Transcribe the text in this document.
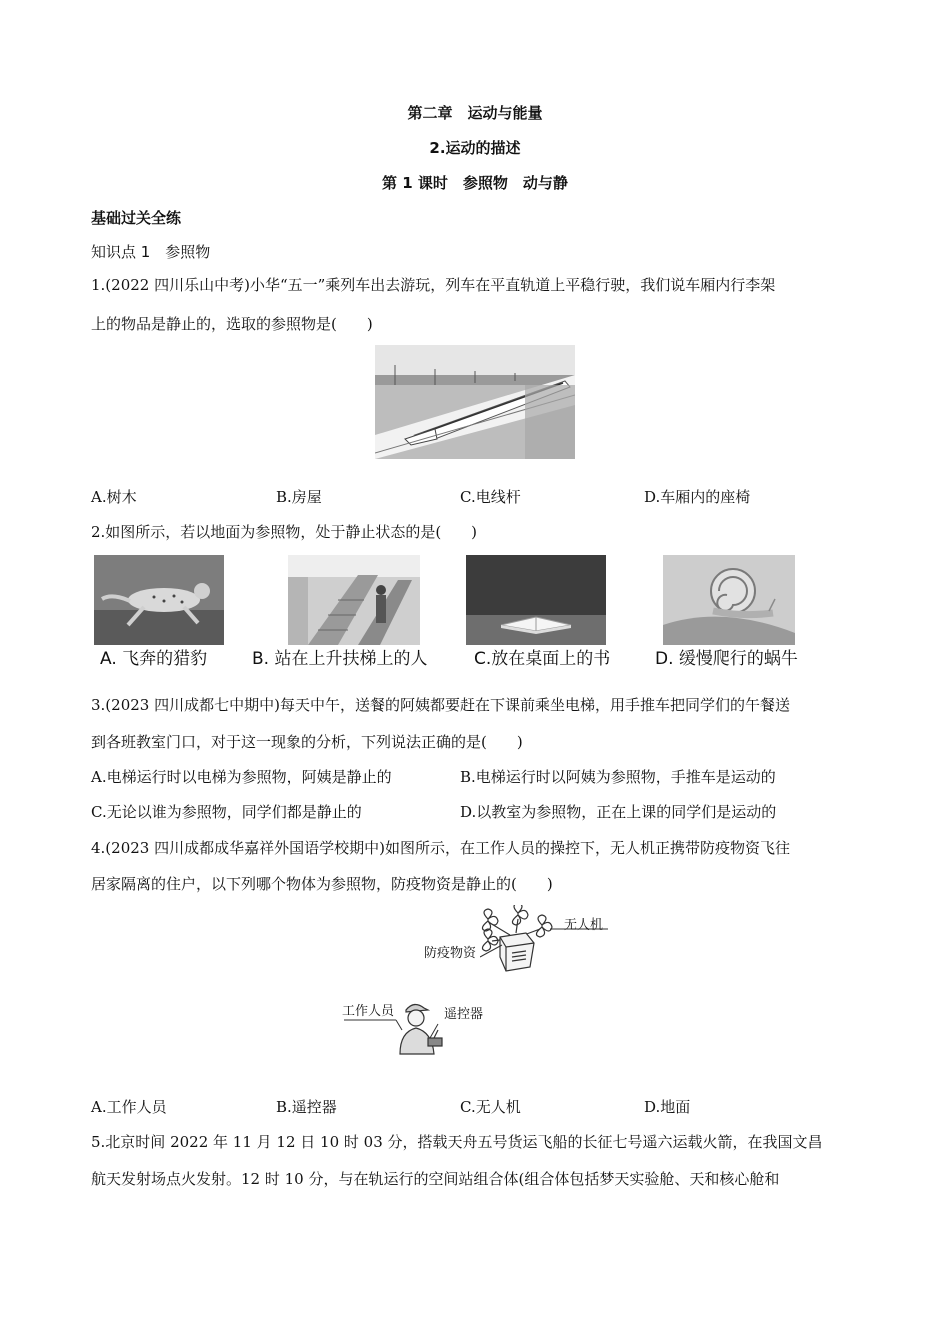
第二章　运动与能量
2.运动的描述
第 1 课时　参照物　动与静
基础过关全练
知识点 1　参照物
1.(2022 四川乐山中考)小华“五一”乘列车出去游玩，列车在平直轨道上平稳行驶，我们说车厢内行李架
上的物品是静止的，选取的参照物是(　　)
A.树木	B.房屋	C.电线杆	D.车厢内的座椅
2.如图所示，若以地面为参照物，处于静止状态的是(　　)
A. 飞奔的猎豹	B. 站在上升扶梯上的人	C.放在桌面上的书	D. 缓慢爬行的蜗牛
3.(2023 四川成都七中期中)每天中午，送餐的阿姨都要赶在下课前乘坐电梯，用手推车把同学们的午餐送
到各班教室门口，对于这一现象的分析，下列说法正确的是(　　)
A.电梯运行时以电梯为参照物，阿姨是静止的	B.电梯运行时以阿姨为参照物，手推车是运动的
C.无论以谁为参照物，同学们都是静止的	D.以教室为参照物，正在上课的同学们是运动的
4.(2023 四川成都成华嘉祥外国语学校期中)如图所示，在工作人员的操控下，无人机正携带防疫物资飞往
居家隔离的住户，以下列哪个物体为参照物，防疫物资是静止的(　　)
无人机
防疫物资
工作人员	遥控器
A.工作人员	B.遥控器	C.无人机	D.地面
5.北京时间 2022 年 11 月 12 日 10 时 03 分，搭载天舟五号货运飞船的长征七号遥六运载火箭，在我国文昌
航天发射场点火发射。12 时 10 分，与在轨运行的空间站组合体(组合体包括梦天实验舱、天和核心舱和
